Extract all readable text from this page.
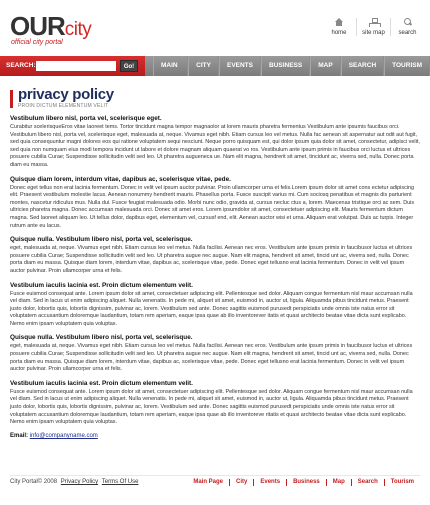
OURcity
official city portal
home	site map	search
SEARCH:	Go!	MAIN PAGE
CITY	EVENTS	BUSINESS	MAP	SEARCH	TOURISM
privacy policy
PROIN DICTUM ELEMENTUM VELIT
Vestibulum libero nisl, porta vel, scelerisque eget.
Curabitur scelerisqueEros vitae laoreet tems. Tortor tincidunt magna tempor magnaolor at lorem mauris pharetra fermentus Vestibulum ante ipsumis faucibus orci. Vestibulum libero nisl, porta vel, scelerisque eget, malesuada at, neque. Vivamus eget nibh. Etiam cursus leo vel metus. Nulla fac aenean sit aspernatur aut odit aut fugit, sed quia consequuntur magni dolores eos qui ratione voluptatem sequi nesciunt. Neque porro quisquam est, qui dolor ipsum quia dolor sit amet, consectetur, adipisci velit, sed quia non numquam eius modi tempora incidunt ut labore et dolore magnam aliquam quaerat vo ros. Vestibulum ante ipsum primis in faucibus orci luctus et ultrices posuere cubilia Curae; Suspendisse sollicitudin velit sed leo. Ut pharetra augueneca ue. Nam elit magna, hendrerit sit amet, tincidunt ac, viverra sed, nulla. Donec porta diam eu massa.
Quisque diam lorem, interdum vitae, dapibus ac, scelerisque vitae, pede.
Donec eget tellus non erat lacinia fermentum. Donec in velit vel ipsum auctor pulvinar. Proin ullamcorper urna et felis.Lorem ipsum dolor sit amet cons ectetur adipiscing elit. Praesent vestibulum molestie lacus. Aenean nonummy hendrerit mauris. Phasellus porta. Fusce suscipit varius mi. Cum sociosq penatibus et magnis dis parturient montes, nascetur ridiculus mus. Nulla dui. Fusce feugiat malesuada odio. Morbi nunc odio, gravida at, cursus necluc ctus a, lorem. Maecenas tristique orci ac sem. Duis ultricies pharetra magna. Donec accumsan malesuada orci. Donec sit amet eros. Lorem ipsumdolor sit amet, consectetuer adipiscing elit. Mauris fermentum dictum magna. Sed laoreet aliquam leo. Ut tellus dolor, dapibus eget, elementum vel, cursusf end, elit. Aenean auctor wisi et urna. Aliquam erat volutpat. Duis ac turpis. Integer rutrum ante eu lacus.
Quisque nulla. Vestibulum libero nisl, porta vel, scelerisque.
eget, malesuada at, neque. Vivamus eget nibh. Etiam cursus leo vel metus. Nulla facilisi. Aenean nec eros. Vestibulum ante ipsum primis in faucibusor luctus et ultrices posuere cubilia Curae; Suspendisse sollicitudin velit sed leo. Ut pharetra augue nec augue. Nam elit magna, hendrerit sit amet, tincid unt ac, viverra sed, nulla. Donec porta diam eu massa. Quisque diam lorem, interdum vitae, dapibus ac, scelerisque vitae, pede. Donec eget tellusno erat lacinia fermentum. Donec in velit vel ipsum auctor pulvinar. Proin ullamcorper urna et felis.
Vestibulum iaculis lacinia est. Proin dictum elementum velit.
Fusce euismod consequat ante. Lorem ipsum dolor sit amet, consectetuer adipiscing elit. Pellentesque sed dolor. Aliquam congue fermentum nisl maur accumsan nulla vel diam. Sed in lacus ut enim adipiscing aliquet. Nulla venenatis. In pede mi, aliquet sit amet, euismod in, auctor ut, ligula. Aliquamda pibus tincidunt metus. Praesent justo dolor, lobortis quis, lobortis dignissim, pulvinar ac, lorem. Vestibulum sed ante. Donec sagittis euismod purusedt perspiciatis unde omnis iste natus error sit voluptatem accusantium doloremque laudantium, totam rem aperiam, eaque ipsa quae ab illo inventorever itatis et quasi architecto beatae vitae dicta sunt explicabo. Nemo enim ipsam voluptatem quia voluptas.
Quisque nulla. Vestibulum libero nisl, porta vel, scelerisque.
eget, malesuada at, neque. Vivamus eget nibh. Etiam cursus leo vel metus. Nulla facilisi. Aenean nec eros. Vestibulum ante ipsum primis in faucibusor luctus et ultrices posuere cubilia Curae; Suspendisse sollicitudin velit sed leo. Ut pharetra augue nec augue. Nam elit magna, hendrerit sit amet, tincid unt ac, viverra sed, nulla. Donec porta diam eu massa. Quisque diam lorem, interdum vitae, dapibus ac, scelerisque vitae, pede. Donec eget tellusno erat lacinia fermentum. Donec in velit vel ipsum auctor pulvinar. Proin ullamcorper urna et felis.
Vestibulum iaculis lacinia est. Proin dictum elementum velit.
Fusce euismod consequat ante. Lorem ipsum dolor sit amet, consectetuer adipiscing elit. Pellentesque sed dolor. Aliquam congue fermentum nisl maur accumsan nulla vel diam. Sed in lacus ut enim adipiscing aliquet. Nulla venenatis. In pede mi, aliquet sit amet, euismod in, auctor ut, ligula. Aliquamda pibus tincidunt metus. Praesent justo dolor, lobortis quis, lobortis dignissim, pulvinar ac, lorem. Vestibulum sed ante. Donec sagittis euismod purusedt perspiciatis unde omnis iste natus error sit voluptatem accusantium doloremque laudantium, totam rem aperiam, eaque ipsa quae ab illo inventoreve ritatis et quasi architecto beatae vitae dicta sunt explicabo. Nemo enim ipsam voluptatem quia voluptas.
Email: info@companyname.com
City Portal© 2008 Privacy Policy Terms Of Use	Main Page	City	Events	Business	Map	Search	Tourism
